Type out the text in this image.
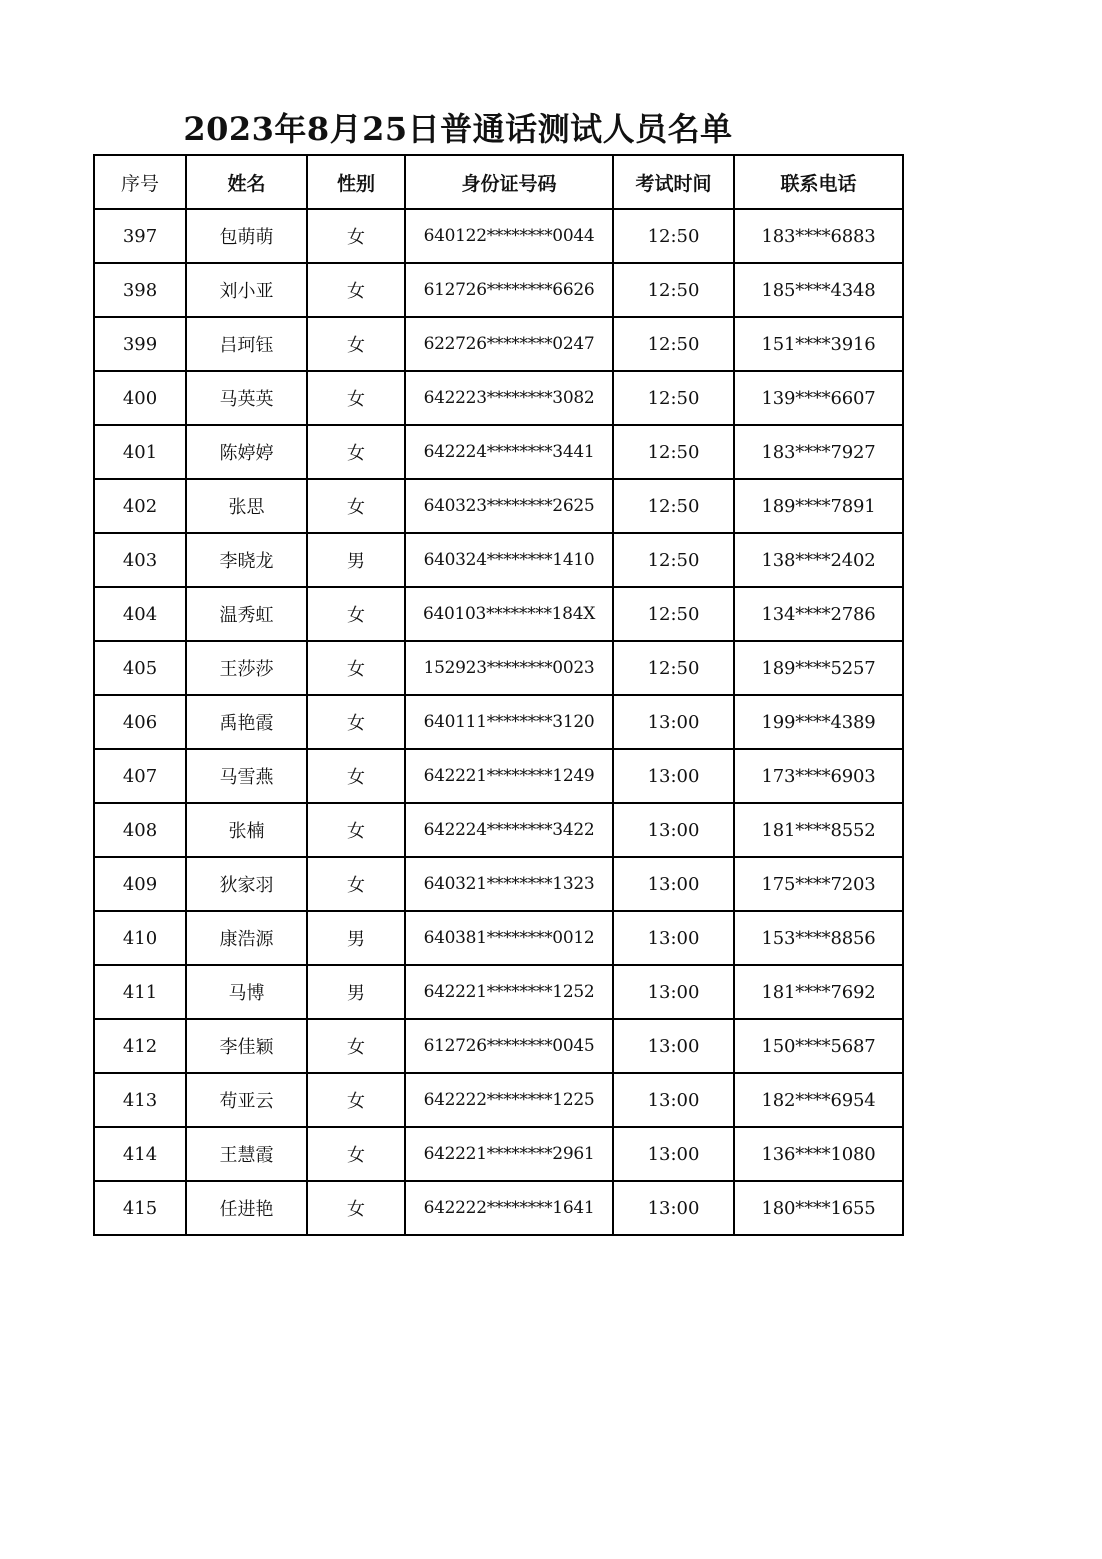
2023年8月25日普通话测试人员名单
序号	姓名	性别	身份证号码	考试时间	联系电话
397	包萌萌	女	640122********0044	12:50	183****6883
398	刘小亚	女	612726********6626	12:50	185****4348
399	吕珂钰	女	622726********0247	12:50	151****3916
400	马英英	女	642223********3082	12:50	139****6607
401	陈婷婷	女	642224********3441	12:50	183****7927
402	张思	女	640323********2625	12:50	189****7891
403	李晓龙	男	640324********1410	12:50	138****2402
404	温秀虹	女	640103********184X	12:50	134****2786
405	王莎莎	女	152923********0023	12:50	189****5257
406	禹艳霞	女	640111********3120	13:00	199****4389
407	马雪燕	女	642221********1249	13:00	173****6903
408	张楠	女	642224********3422	13:00	181****8552
409	狄家羽	女	640321********1323	13:00	175****7203
410	康浩源	男	640381********0012	13:00	153****8856
411	马博	男	642221********1252	13:00	181****7692
412	李佳颖	女	612726********0045	13:00	150****5687
413	苟亚云	女	642222********1225	13:00	182****6954
414	王慧霞	女	642221********2961	13:00	136****1080
415	任进艳	女	642222********1641	13:00	180****1655
